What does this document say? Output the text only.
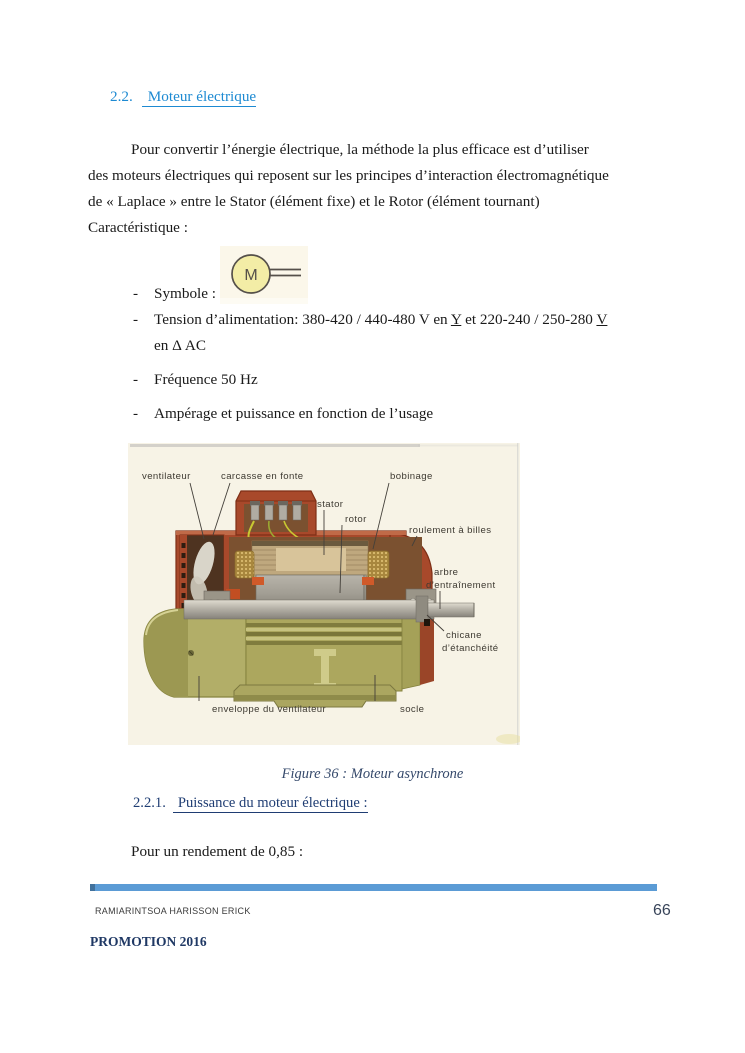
2.2. Moteur électrique
Pour convertir l’énergie électrique, la méthode la plus efficace est d’utiliser
des moteurs électriques qui reposent sur les principes d’interaction électromagnétique
de « Laplace » entre le Stator (élément fixe) et le Rotor (élément tournant)
Caractéristique :
M
- Symbole :
- Tension d’alimentation: 380-420 / 440-480 V en Y et 220-240 / 250-280 V
en Δ AC
- Fréquence 50 Hz
- Ampérage et puissance en fonction de l’usage
ventilateur	carcasse en fonte	bobinage
stator
rotor
roulement à billes
arbre
d’entraînement
chicane
d’étanchéité
enveloppe du ventilateur	socle
Figure 36 : Moteur asynchrone
2.2.1. Puissance du moteur électrique :
Pour un rendement de 0,85 :
RAMIARINTSOA HARISSON ERICK	66
PROMOTION 2016
